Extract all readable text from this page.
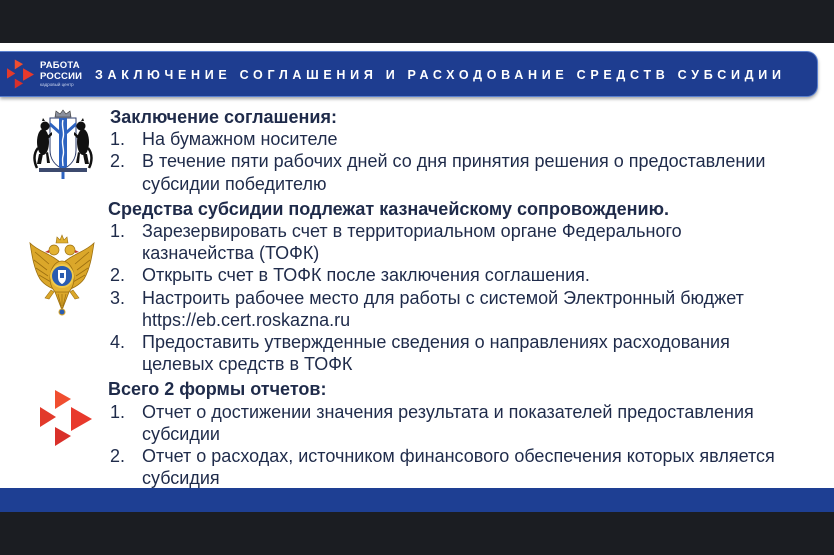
РАБОТА
РОССИИ
кадровый центр
ЗАКЛЮЧЕНИЕ СОГЛАШЕНИЯ И РАСХОДОВАНИЕ СРЕДСТВ СУБСИДИИ
Заключение соглашения:
1. На бумажном носителе
2. В течение пяти рабочих дней со дня принятия решения о предоставлении
субсидии победителю
Средства субсидии подлежат казначейскому сопровождению.
1. Зарезервировать счет в территориальном органе Федерального
казначейства (ТОФК)
2. Открыть счет в ТОФК после заключения соглашения.
3. Настроить рабочее место для работы с системой Электронный бюджет
https://eb.cert.roskazna.ru
4. Предоставить утвержденные сведения о направлениях расходования
целевых средств в ТОФК
Всего 2 формы отчетов:
1. Отчет о достижении значения результата и показателей предоставления
субсидии
2. Отчет о расходах, источником финансового обеспечения которых является
субсидия
